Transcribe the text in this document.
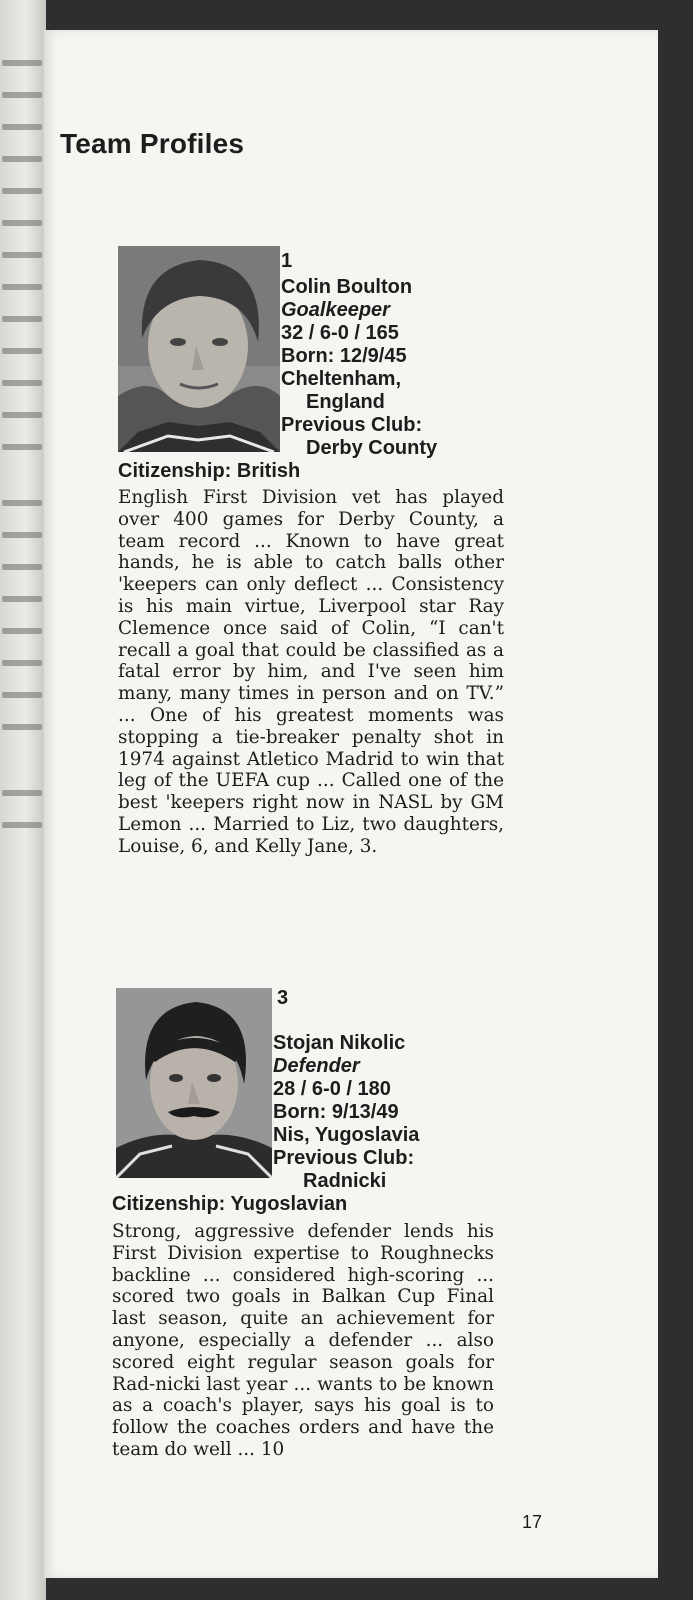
Team Profiles

1

Colin Boulton

Goalkeeper

32 / 6-0 / 165

Born: 12/9/45

Cheltenham,

England

Previous Club:

Derby County

Citizenship: British

English First Division vet has played over 400 games for Derby County, a team record ... Known to have great hands, he is able to catch balls other 'keepers can only deflect ... Consistency is his main virtue, Liverpool star Ray Clemence once said of Colin, “I can't recall a goal that could be classified as a fatal error by him, and I've seen him many, many times in person and on TV.” ... One of his greatest moments was stopping a tie-breaker penalty shot in 1974 against Atletico Madrid to win that leg of the UEFA cup ... Called one of the best 'keepers right now in NASL by GM Lemon ... Married to Liz, two daughters, Louise, 6, and Kelly Jane, 3.

3

Stojan Nikolic

Defender

28 / 6-0 / 180

Born: 9/13/49

Nis, Yugoslavia

Previous Club:

Radnicki

Citizenship: Yugoslavian

Strong, aggressive defender lends his First Division expertise to Roughnecks backline ... considered high-scoring ... scored two goals in Balkan Cup Final last season, quite an achievement for anyone, especially a defender ... also scored eight regular season goals for Rad-nicki last year ... wants to be known as a coach's player, says his goal is to follow the coaches orders and have the team do well ... 10

17
